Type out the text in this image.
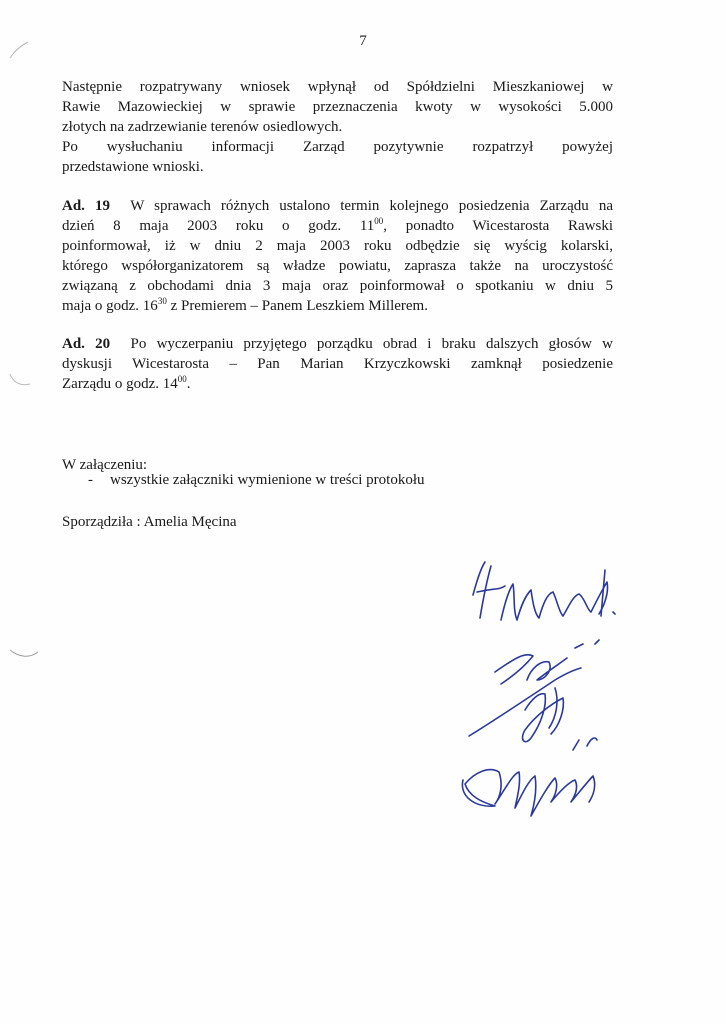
7
Następnie rozpatrywany wniosek wpłynął od Spółdzielni Mieszkaniowej w
Rawie Mazowieckiej w sprawie przeznaczenia kwoty w wysokości 5.000
złotych na zadrzewianie terenów osiedlowych.
Po wysłuchaniu informacji Zarząd pozytywnie rozpatrzył powyżej
przedstawione wnioski.
Ad. 19 W sprawach różnych ustalono termin kolejnego posiedzenia Zarządu na
dzień 8 maja 2003 roku o godz. $11^{00}$, ponadto Wicestarosta Rawski
poinformował, iż w dniu 2 maja 2003 roku odbędzie się wyścig kolarski,
którego współorganizatorem są władze powiatu, zaprasza także na uroczystość
związaną z obchodami dnia 3 maja oraz poinformował o spotkaniu w dniu 5
maja o godz. $16^{30}$ z Premierem – Panem Leszkiem Millerem.
Ad. 20 Po wyczerpaniu przyjętego porządku obrad i braku dalszych głosów w
dyskusji Wicestarosta – Pan Marian Krzyczkowski zamknął posiedzenie
Zarządu o godz. $14^{00}$.
W załączeniu:
- wszystkie załączniki wymienione w treści protokołu
Sporządziła : Amelia Męcina
